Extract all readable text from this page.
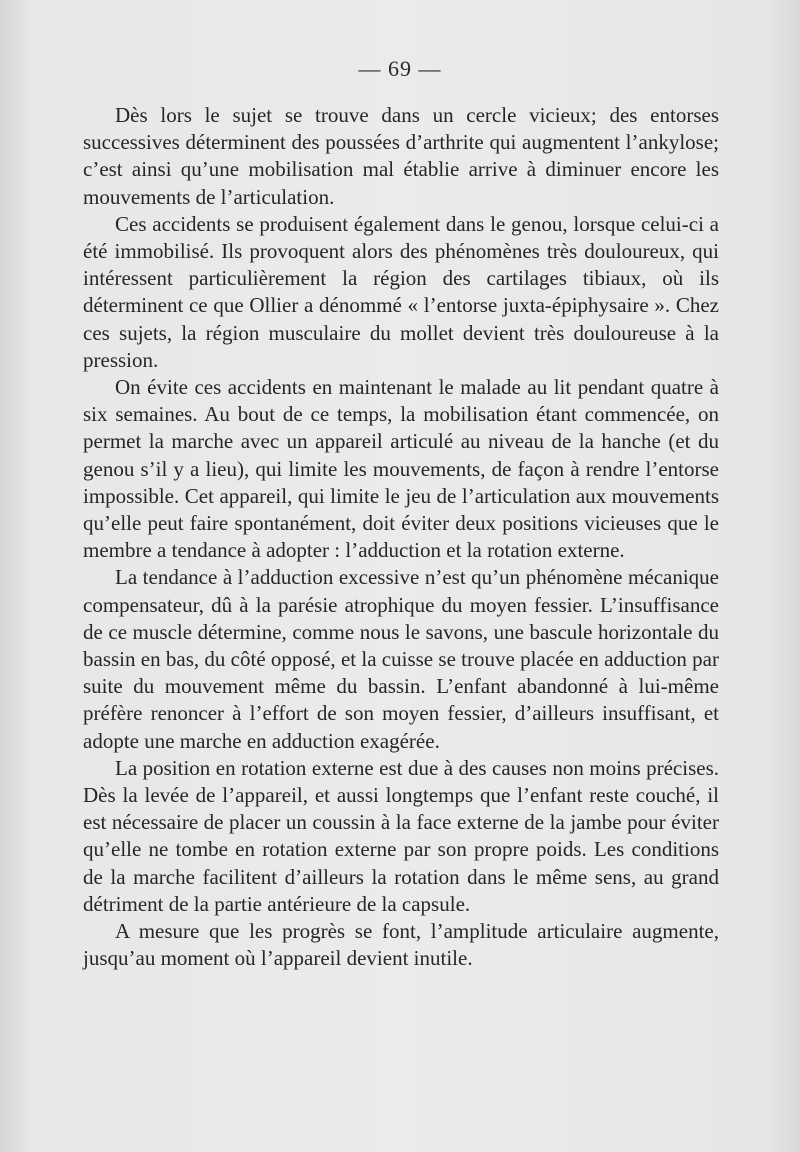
— 69 —

Dès lors le sujet se trouve dans un cercle vicieux; des entorses successives déterminent des poussées d’arthrite qui augmentent l’ankylose; c’est ainsi qu’une mobilisation mal établie arrive à diminuer encore les mouvements de l’articulation.

Ces accidents se produisent également dans le genou, lorsque celui-ci a été immobilisé. Ils provoquent alors des phénomènes très douloureux, qui intéressent particulièrement la région des cartilages tibiaux, où ils déterminent ce que Ollier a dénommé « l’entorse juxta-épiphysaire ». Chez ces sujets, la région musculaire du mollet devient très douloureuse à la pression.

On évite ces accidents en maintenant le malade au lit pendant quatre à six semaines. Au bout de ce temps, la mobilisation étant commencée, on permet la marche avec un appareil articulé au niveau de la hanche (et du genou s’il y a lieu), qui limite les mouvements, de façon à rendre l’entorse impossible. Cet appareil, qui limite le jeu de l’articulation aux mouvements qu’elle peut faire spontanément, doit éviter deux positions vicieuses que le membre a tendance à adopter : l’adduction et la rotation externe.

La tendance à l’adduction excessive n’est qu’un phénomène mécanique compensateur, dû à la parésie atrophique du moyen fessier. L’insuffisance de ce muscle détermine, comme nous le savons, une bascule horizontale du bassin en bas, du côté opposé, et la cuisse se trouve placée en adduction par suite du mouvement même du bassin. L’enfant abandonné à lui-même préfère renoncer à l’effort de son moyen fessier, d’ailleurs insuffisant, et adopte une marche en adduction exagérée.

La position en rotation externe est due à des causes non moins précises. Dès la levée de l’appareil, et aussi longtemps que l’enfant reste couché, il est nécessaire de placer un coussin à la face externe de la jambe pour éviter qu’elle ne tombe en rotation externe par son propre poids. Les conditions de la marche facilitent d’ailleurs la rotation dans le même sens, au grand détriment de la partie antérieure de la capsule.

A mesure que les progrès se font, l’amplitude articulaire augmente, jusqu’au moment où l’appareil devient inutile.
